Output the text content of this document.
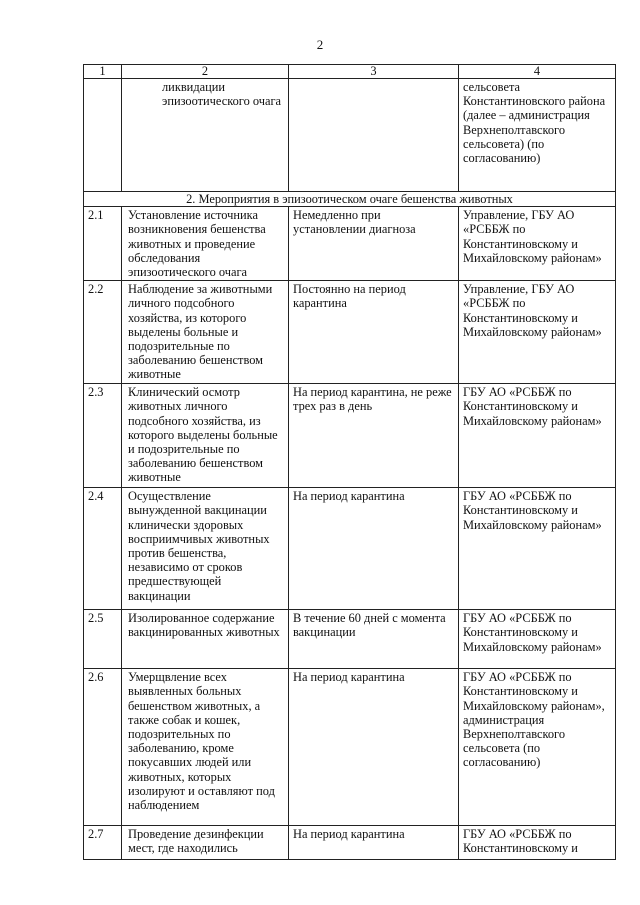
2
1	2	3	4
	ликвидации эпизоотического очага		сельсовета Константиновского района (далее – администрация Верхнеполтавского сельсовета) (по согласованию)
2. Мероприятия в эпизоотическом очаге бешенства животных			
2.1	Установление источника возникновения бешенства животных и проведение обследования эпизоотического очага	Немедленно при установлении диагноза	Управление, ГБУ АО «РСББЖ по Константиновскому и Михайловскому районам»
2.2	Наблюдение за животными личного подсобного хозяйства, из которого выделены больные и подозрительные по заболеванию бешенством животные	Постоянно на период карантина	Управление, ГБУ АО «РСББЖ по Константиновскому и Михайловскому районам»
2.3	Клинический осмотр животных личного подсобного хозяйства, из которого выделены больные и подозрительные по заболеванию бешенством животные	На период карантина, не реже трех раз в день	ГБУ АО «РСББЖ по Константиновскому и Михайловскому районам»
2.4	Осуществление вынужденной вакцинации клинически здоровых восприимчивых животных против бешенства, независимо от сроков предшествующей вакцинации	На период карантина	ГБУ АО «РСББЖ по Константиновскому и Михайловскому районам»
2.5	Изолированное содержание вакцинированных животных	В течение 60 дней с момента вакцинации	ГБУ АО «РСББЖ по Константиновскому и Михайловскому районам»
2.6	Умерщвление всех выявленных больных бешенством животных, а также собак и кошек, подозрительных по заболеванию, кроме покусавших людей или животных, которых изолируют и оставляют под наблюдением	На период карантина	ГБУ АО «РСББЖ по Константиновскому и Михайловскому районам», администрация Верхнеполтавского сельсовета (по согласованию)
2.7	Проведение дезинфекции мест, где находились	На период карантина	ГБУ АО «РСББЖ по Константиновскому и
